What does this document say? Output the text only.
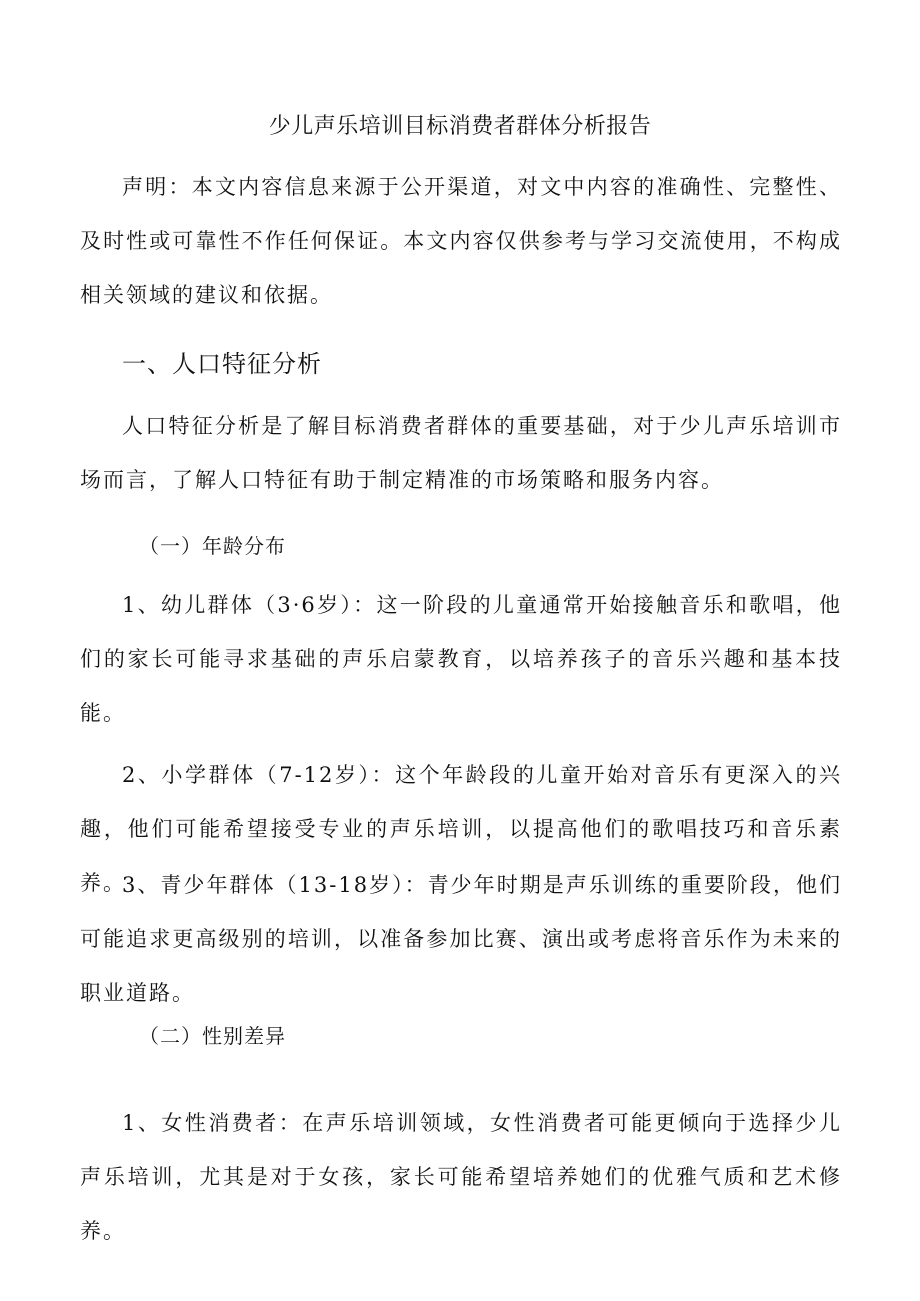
少儿声乐培训目标消费者群体分析报告
声明：本文内容信息来源于公开渠道，对文中内容的准确性、完整性、及时性或可靠性不作任何保证。本文内容仅供参考与学习交流使用，不构成相关领域的建议和依据。
一、人口特征分析
人口特征分析是了解目标消费者群体的重要基础，对于少儿声乐培训市场而言，了解人口特征有助于制定精准的市场策略和服务内容。
（一）年龄分布
1、幼儿群体（3·6岁）：这一阶段的儿童通常开始接触音乐和歌唱，他们的家长可能寻求基础的声乐启蒙教育，以培养孩子的音乐兴趣和基本技能。
2、小学群体（7-12岁）：这个年龄段的儿童开始对音乐有更深入的兴趣，他们可能希望接受专业的声乐培训，以提高他们的歌唱技巧和音乐素养。
3、青少年群体（13-18岁）：青少年时期是声乐训练的重要阶段，他们可能追求更高级别的培训，以准备参加比赛、演出或考虑将音乐作为未来的职业道路。
（二）性别差异
1、女性消费者：在声乐培训领域，女性消费者可能更倾向于选择少儿声乐培训，尤其是对于女孩，家长可能希望培养她们的优雅气质和艺术修养。
